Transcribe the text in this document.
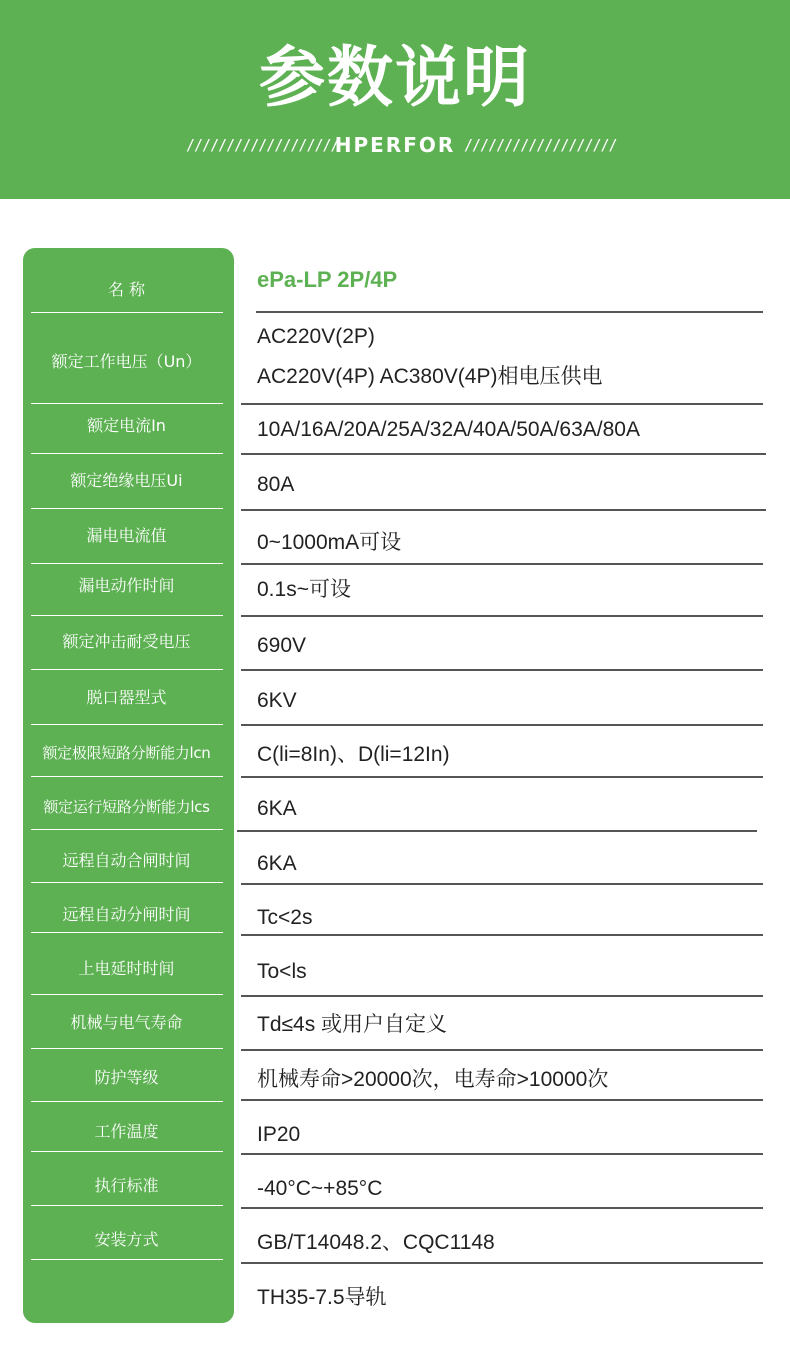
参数说明
///////////////////
HPERFOR ///////////////////
名 称
额定工作电压（Un）
额定电流In
额定绝缘电压Ui
漏电电流值
漏电动作时间
额定冲击耐受电压
脱口器型式
额定极限短路分断能力lcn
额定运行短路分断能力lcs
远程自动合闸时间
远程自动分闸时间
上电延时时间
机械与电气寿命
防护等级
工作温度
执行标准
安装方式
ePa-LP 2P/4P
AC220V(2P)
AC220V(4P) AC380V(4P)相电压供电
10A/16A/20A/25A/32A/40A/50A/63A/80A
80A
0~1000mA可设
0.1s~可设
690V
6KV
C(li=8In)、D(li=12In)
6KA
6KA
Tc<2s
To<ls
Td≤4s 或用户自定义
机械寿命>20000次，电寿命>10000次
IP20
-40°C~+85°C
GB/T14048.2、CQC1148
TH35-7.5导轨
